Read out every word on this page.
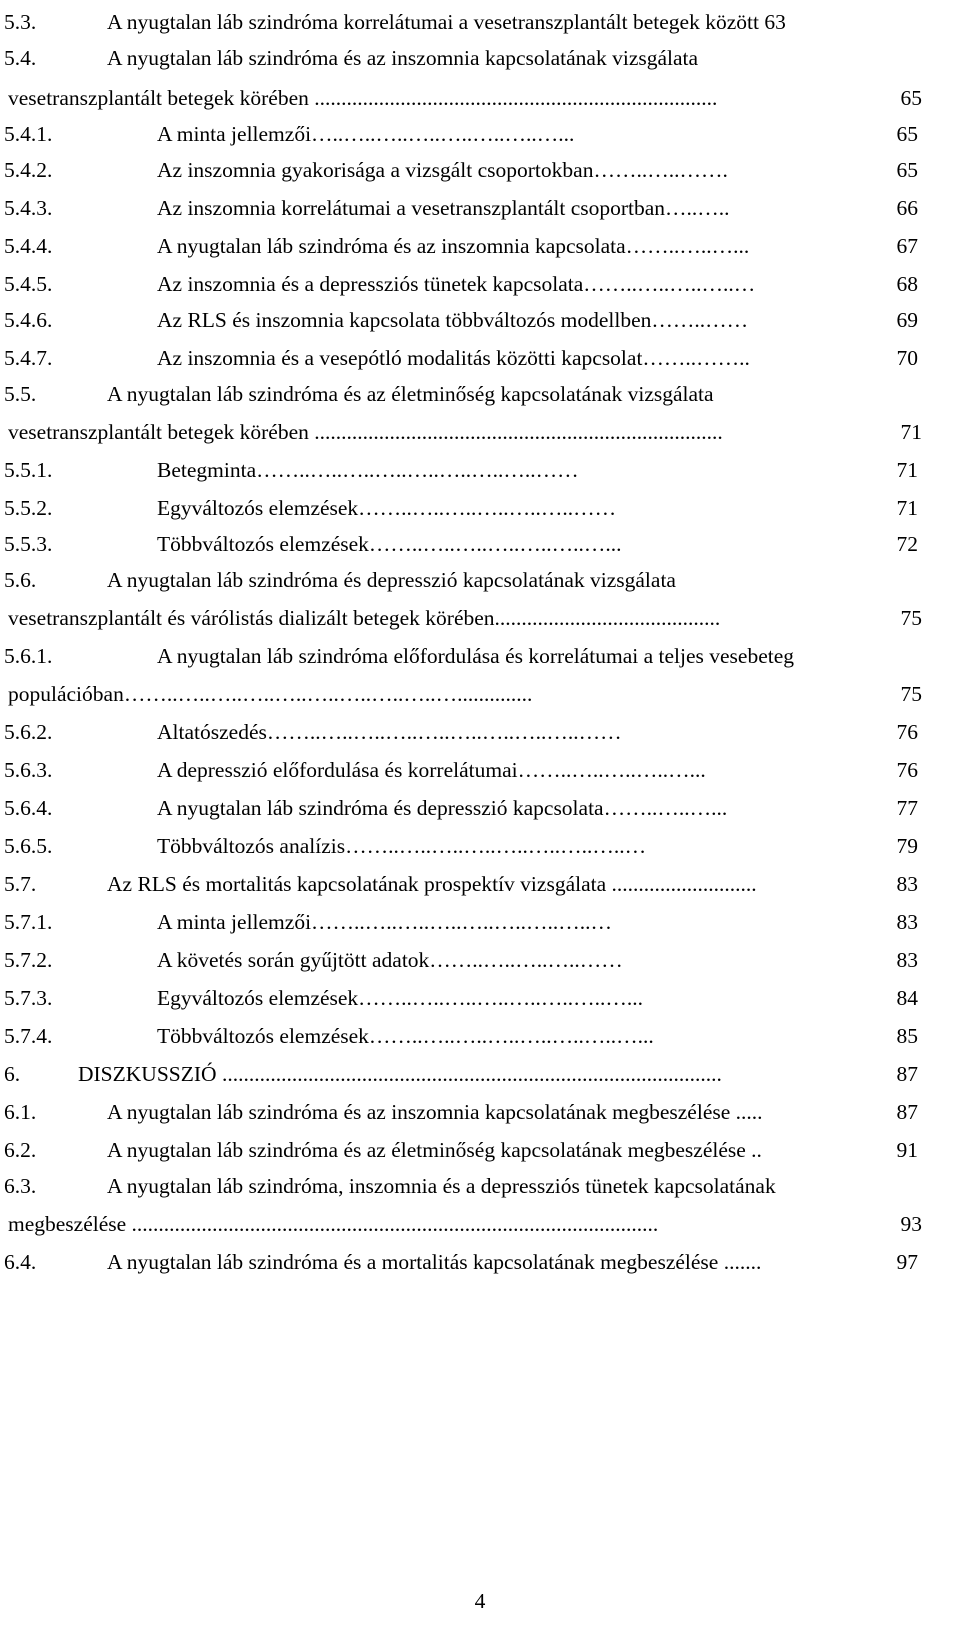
5.3.	A nyugtalan láb szindróma korrelátumai a vesetranszplantált betegek között 63
5.4.	A nyugtalan láb szindróma és az inszomnia kapcsolatának vizsgálata
vesetranszplantált betegek körében ...........................................................................	65
5.4.1.	A minta jellemzői…..…..…..…..…..…..…..…...	65
5.4.2.	Az inszomnia gyakorisága a vizsgált csoportokban……..…..…….	65
5.4.3.	Az inszomnia korrelátumai a vesetranszplantált csoportban…..…..	66
5.4.4.	A nyugtalan láb szindróma és az inszomnia kapcsolata……..…..…...	67
5.4.5.	Az inszomnia és a depressziós tünetek kapcsolata……..…..…..…..…	68
5.4.6.	Az RLS és inszomnia kapcsolata többváltozós modellben……..……	69
5.4.7.	Az inszomnia és a vesepótló modalitás közötti kapcsolat……..……..	70
5.5.	A nyugtalan láb szindróma és az életminőség kapcsolatának vizsgálata
vesetranszplantált betegek körében ............................................................................	71
5.5.1.	Betegminta……..…..…..…..…..…..…..…..……	71
5.5.2.	Egyváltozós elemzések……..…..…..…..…..…..……	71
5.5.3.	Többváltozós elemzések……..…..…..…..…..…..…...	72
5.6.	A nyugtalan láb szindróma és depresszió kapcsolatának vizsgálata
vesetranszplantált és várólistás dializált betegek körében..........................................	75
5.6.1.	A nyugtalan láb szindróma előfordulása és korrelátumai a teljes vesebeteg
populációban……..…..…..…..…..…..…..…..…..…..............	75
5.6.2.	Altatószedés……..…..…..…..…..…..…..…..…..……	76
5.6.3.	A depresszió előfordulása és korrelátumai……..…..…..…..…...	76
5.6.4.	A nyugtalan láb szindróma és depresszió kapcsolata……..…..…...	77
5.6.5.	Többváltozós analízis……..…..…..…..…..…..…..…..…	79
5.7.	Az RLS és mortalitás kapcsolatának prospektív vizsgálata ...........................	83
5.7.1.	A minta jellemzői……..…..…..…..…..…..…..…..…	83
5.7.2.	A követés során gyűjtött adatok……..…..…..…..……	83
5.7.3.	Egyváltozós elemzések……..…..…..…..…..…..…..…...	84
5.7.4.	Többváltozós elemzések……..…..…..…..…..…..…..…...	85
6.	DISZKUSSZIÓ .............................................................................................	87
6.1.	A nyugtalan láb szindróma és az inszomnia kapcsolatának megbeszélése .....	87
6.2.	A nyugtalan láb szindróma és az életminőség kapcsolatának megbeszélése ..	91
6.3.	A nyugtalan láb szindróma, inszomnia és a depressziós tünetek kapcsolatának
megbeszélése ..................................................................................................	93
6.4.	A nyugtalan láb szindróma és a mortalitás kapcsolatának megbeszélése .......	97
4
